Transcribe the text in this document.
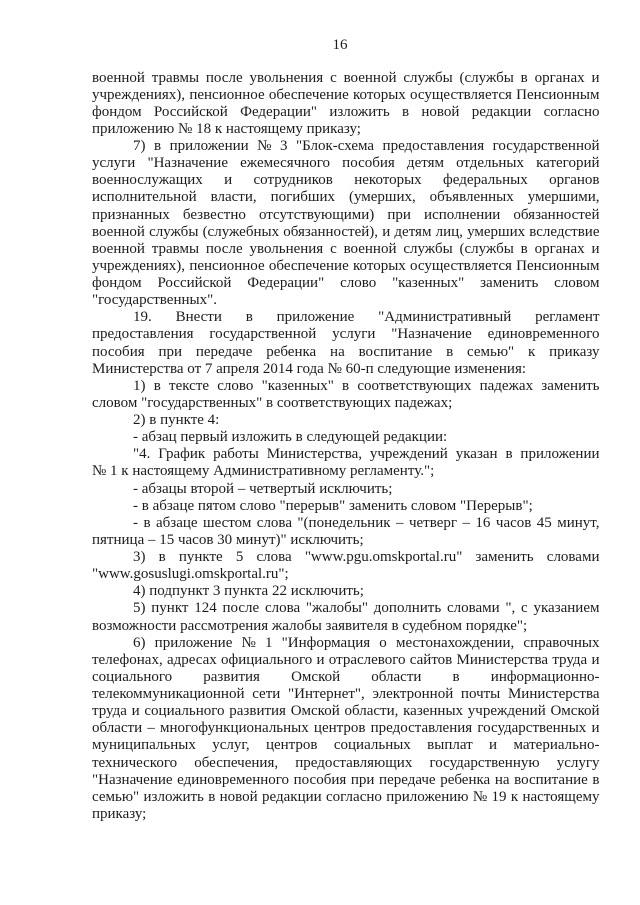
16
военной травмы после увольнения с военной службы (службы в органах и
учреждениях), пенсионное обеспечение которых осуществляется Пенсионным
фондом Российской Федерации" изложить в новой редакции согласно
приложению № 18 к настоящему приказу;
7) в приложении № 3 "Блок-схема предоставления государственной
услуги "Назначение ежемесячного пособия детям отдельных категорий
военнослужащих и сотрудников некоторых федеральных органов
исполнительной власти, погибших (умерших, объявленных умершими,
признанных безвестно отсутствующими) при исполнении обязанностей
военной службы (служебных обязанностей), и детям лиц, умерших вследствие
военной травмы после увольнения с военной службы (службы в органах и
учреждениях), пенсионное обеспечение которых осуществляется Пенсионным
фондом Российской Федерации" слово "казенных" заменить словом
"государственных".
19. Внести в приложение "Административный регламент
предоставления государственной услуги "Назначение единовременного
пособия при передаче ребенка на воспитание в семью" к приказу
Министерства от 7 апреля 2014 года № 60-п следующие изменения:
1) в тексте слово "казенных" в соответствующих падежах заменить
словом "государственных" в соответствующих падежах;
2) в пункте 4:
- абзац первый изложить в следующей редакции:
"4. График работы Министерства, учреждений указан в приложении
№ 1 к настоящему Административному регламенту.";
- абзацы второй – четвертый исключить;
- в абзаце пятом слово "перерыв" заменить словом "Перерыв";
- в абзаце шестом слова "(понедельник – четверг – 16 часов 45 минут,
пятница – 15 часов 30 минут)" исключить;
3) в пункте 5 слова "www.pgu.omskportal.ru" заменить словами
"www.gosuslugi.omskportal.ru";
4) подпункт 3 пункта 22 исключить;
5) пункт 124 после слова "жалобы" дополнить словами ", с указанием
возможности рассмотрения жалобы заявителя в судебном порядке";
6) приложение № 1 "Информация о местонахождении, справочных
телефонах, адресах официального и отраслевого сайтов Министерства труда и
социального развития Омской области в информационно-
телекоммуникационной сети "Интернет", электронной почты Министерства
труда и социального развития Омской области, казенных учреждений Омской
области – многофункциональных центров предоставления государственных и
муниципальных услуг, центров социальных выплат и материально-
технического обеспечения, предоставляющих государственную услугу
"Назначение единовременного пособия при передаче ребенка на воспитание в
семью" изложить в новой редакции согласно приложению № 19 к настоящему
приказу;
